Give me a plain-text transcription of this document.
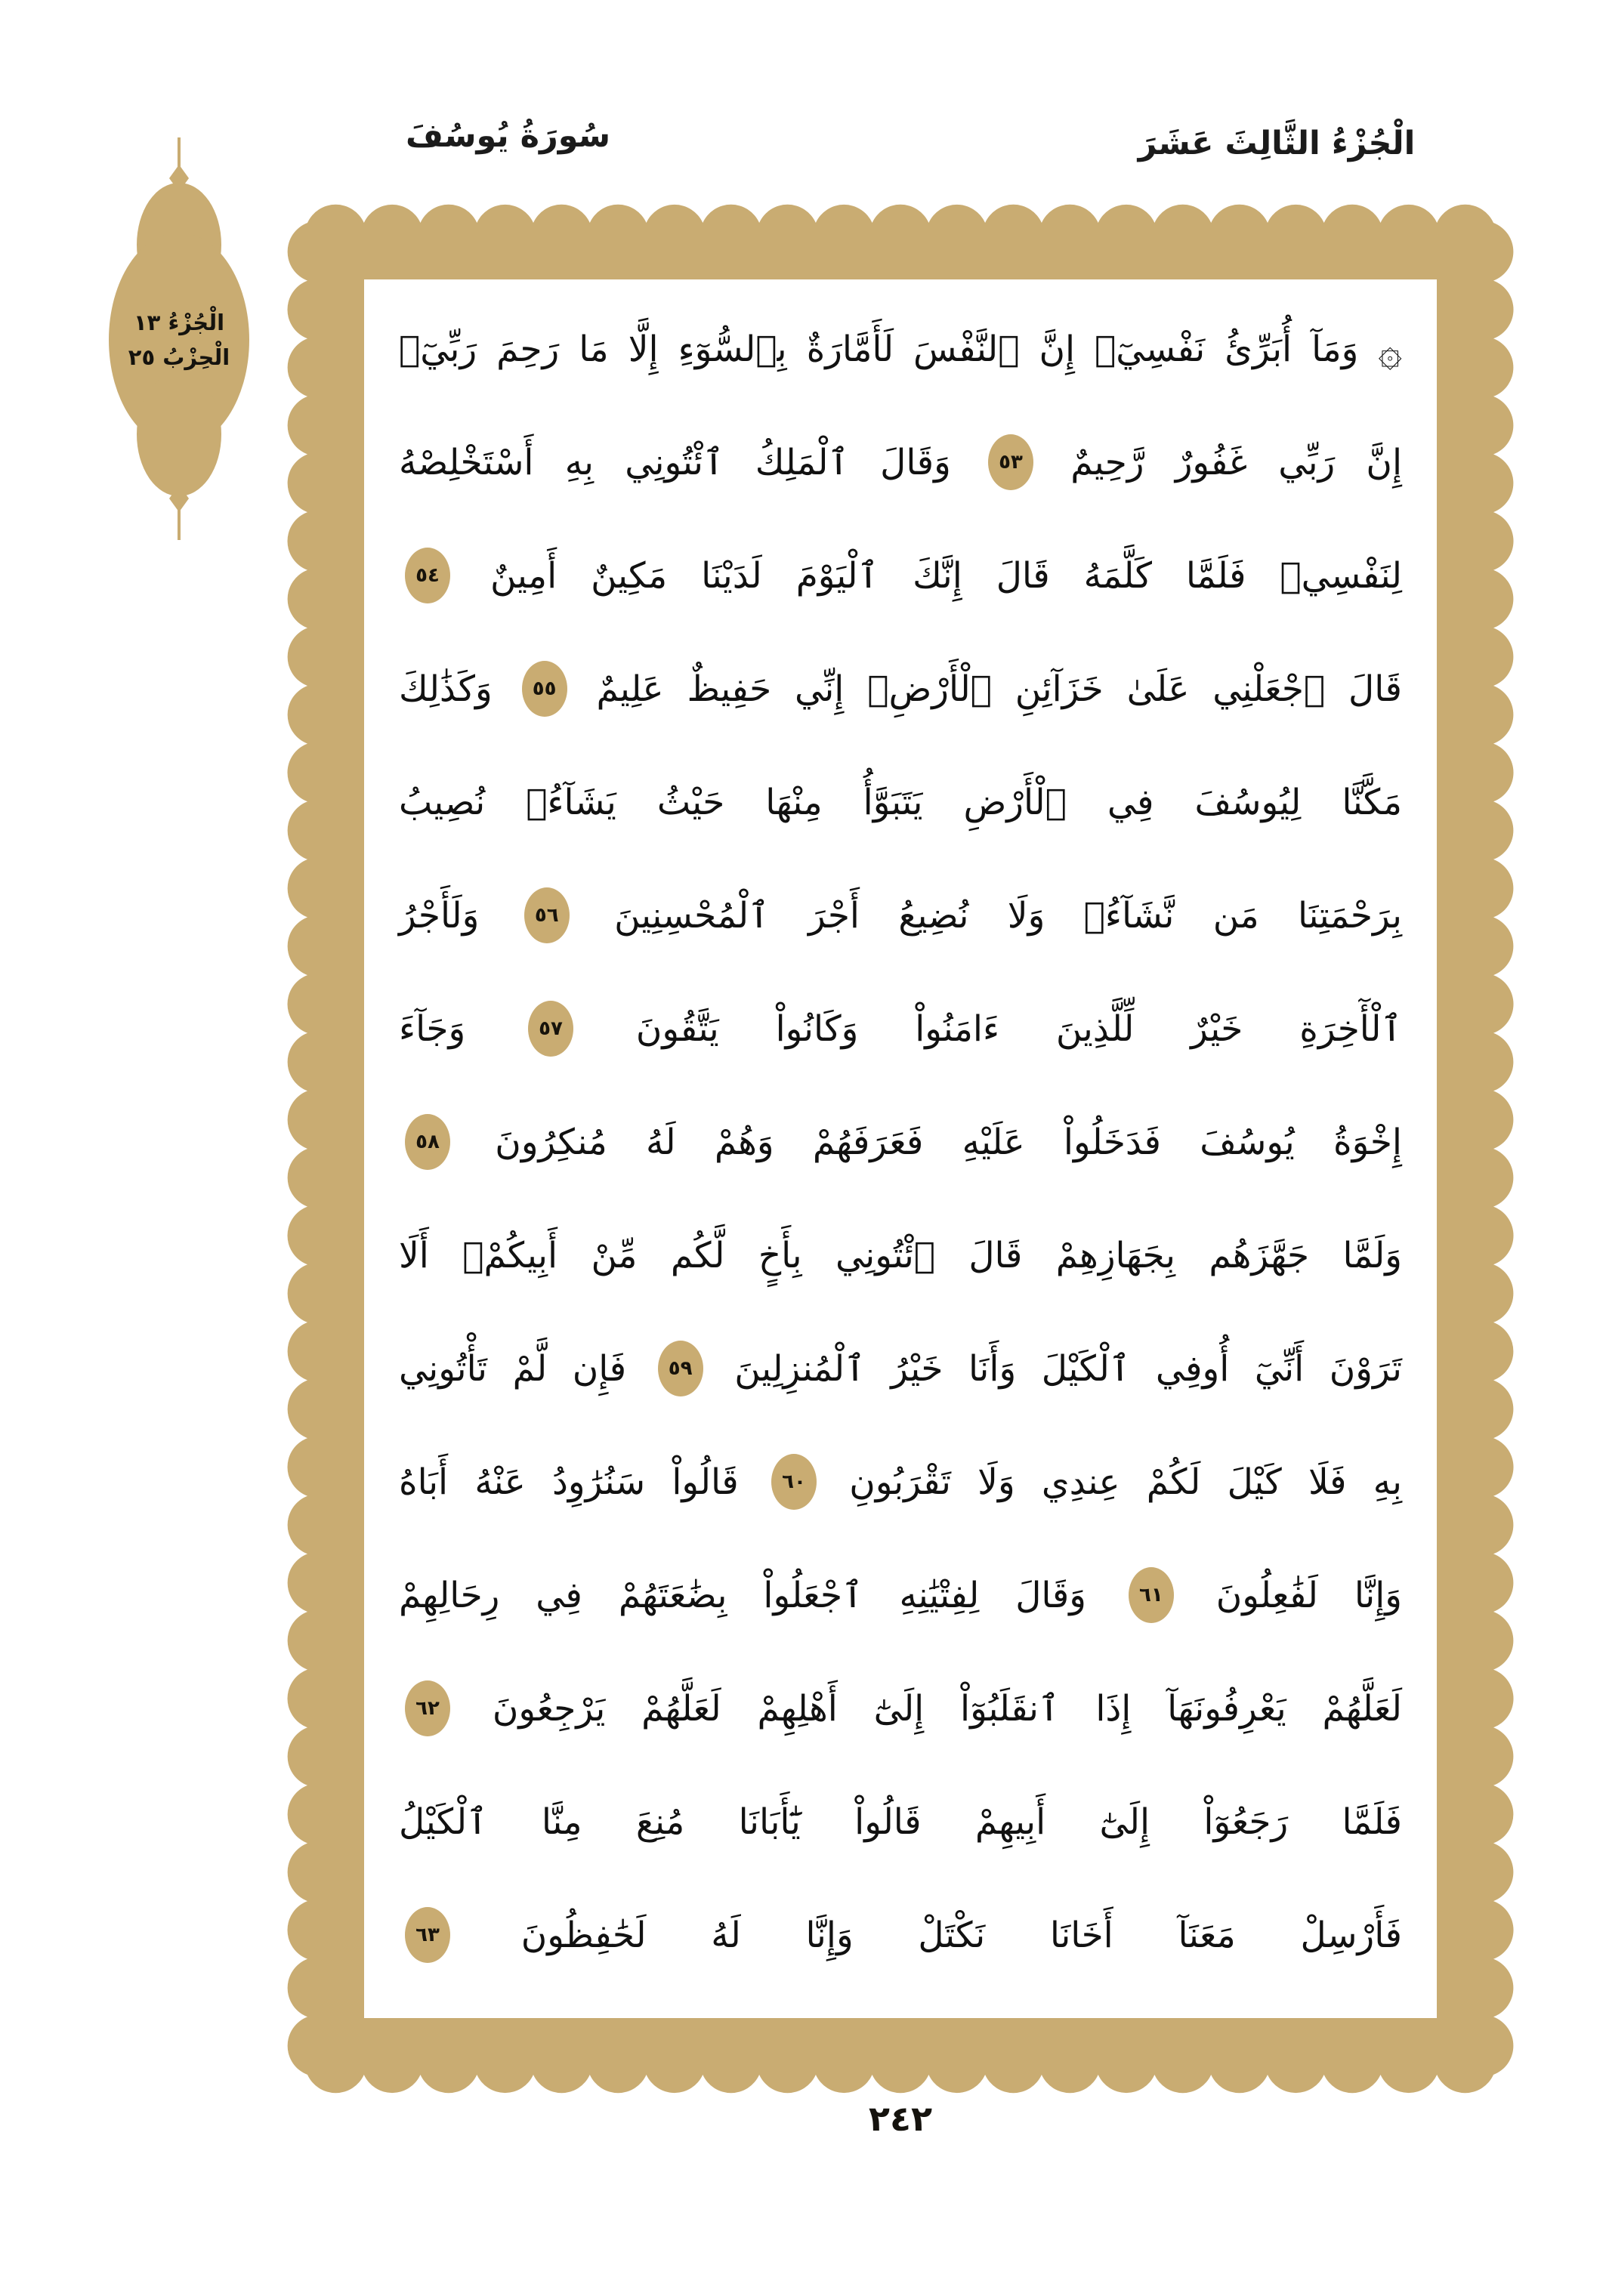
سُورَةُ يُوسُفَ	الْجُزْءُ الثَّالِثَ عَشَرَ
الْجُزْءُ ١٣
الْحِزْبُ ٢٥	۞ وَمَآ أُبَرِّئُ نَفْسِيٓۚ إِنَّ ٱلنَّفْسَ لَأَمَّارَةٌ بِٱلسُّوٓءِ إِلَّا مَا رَحِمَ رَبِّيٓۚ
إِنَّ رَبِّي غَفُورٌ رَّحِيمٌ
٥٣
وَقَالَ ٱلْمَلِكُ ٱئْتُونِي بِهِ أَسْتَخْلِصْهُ
لِنَفْسِيۖ فَلَمَّا كَلَّمَهُ قَالَ إِنَّكَ ٱلْيَوْمَ لَدَيْنَا مَكِينٌ أَمِينٌ
٥٤
قَالَ ٱجْعَلْنِي عَلَىٰ خَزَآئِنِ ٱلْأَرْضِۖ إِنِّي حَفِيظٌ عَلِيمٌ
٥٥
وَكَذَٰلِكَ
مَكَّنَّا لِيُوسُفَ فِي ٱلْأَرْضِ يَتَبَوَّأُ مِنْهَا حَيْثُ يَشَآءُۚ نُصِيبُ
بِرَحْمَتِنَا مَن نَّشَآءُۖ وَلَا نُضِيعُ أَجْرَ ٱلْمُحْسِنِينَ
٥٦
وَلَأَجْرُ
ٱلْأٓخِرَةِ خَيْرٌ لِّلَّذِينَ ءَامَنُواْ وَكَانُواْ يَتَّقُونَ
٥٧
وَجَآءَ
إِخْوَةُ يُوسُفَ فَدَخَلُواْ عَلَيْهِ فَعَرَفَهُمْ وَهُمْ لَهُ مُنكِرُونَ
٥٨
وَلَمَّا جَهَّزَهُم بِجَهَازِهِمْ قَالَ ٱئْتُونِي بِأَخٍ لَّكُم مِّنْ أَبِيكُمْۚ أَلَا
تَرَوْنَ أَنِّيٓ أُوفِي ٱلْكَيْلَ وَأَنَا خَيْرُ ٱلْمُنزِلِينَ
٥٩
فَإِن لَّمْ تَأْتُونِي
بِهِ فَلَا كَيْلَ لَكُمْ عِندِي وَلَا تَقْرَبُونِ
٦٠
قَالُواْ سَنُرَٰوِدُ عَنْهُ أَبَاهُ
وَإِنَّا لَفَٰعِلُونَ
٦١
وَقَالَ لِفِتْيَٰنِهِ ٱجْعَلُواْ بِضَٰعَتَهُمْ فِي رِحَالِهِمْ
لَعَلَّهُمْ يَعْرِفُونَهَآ إِذَا ٱنقَلَبُوٓاْ إِلَىٰٓ أَهْلِهِمْ لَعَلَّهُمْ يَرْجِعُونَ
٦٢
فَلَمَّا رَجَعُوٓاْ إِلَىٰٓ أَبِيهِمْ قَالُواْ يَٰٓأَبَانَا مُنِعَ مِنَّا ٱلْكَيْلُ
فَأَرْسِلْ مَعَنَآ أَخَانَا نَكْتَلْ وَإِنَّا لَهُ لَحَٰفِظُونَ
٦٣
٢٤٢
